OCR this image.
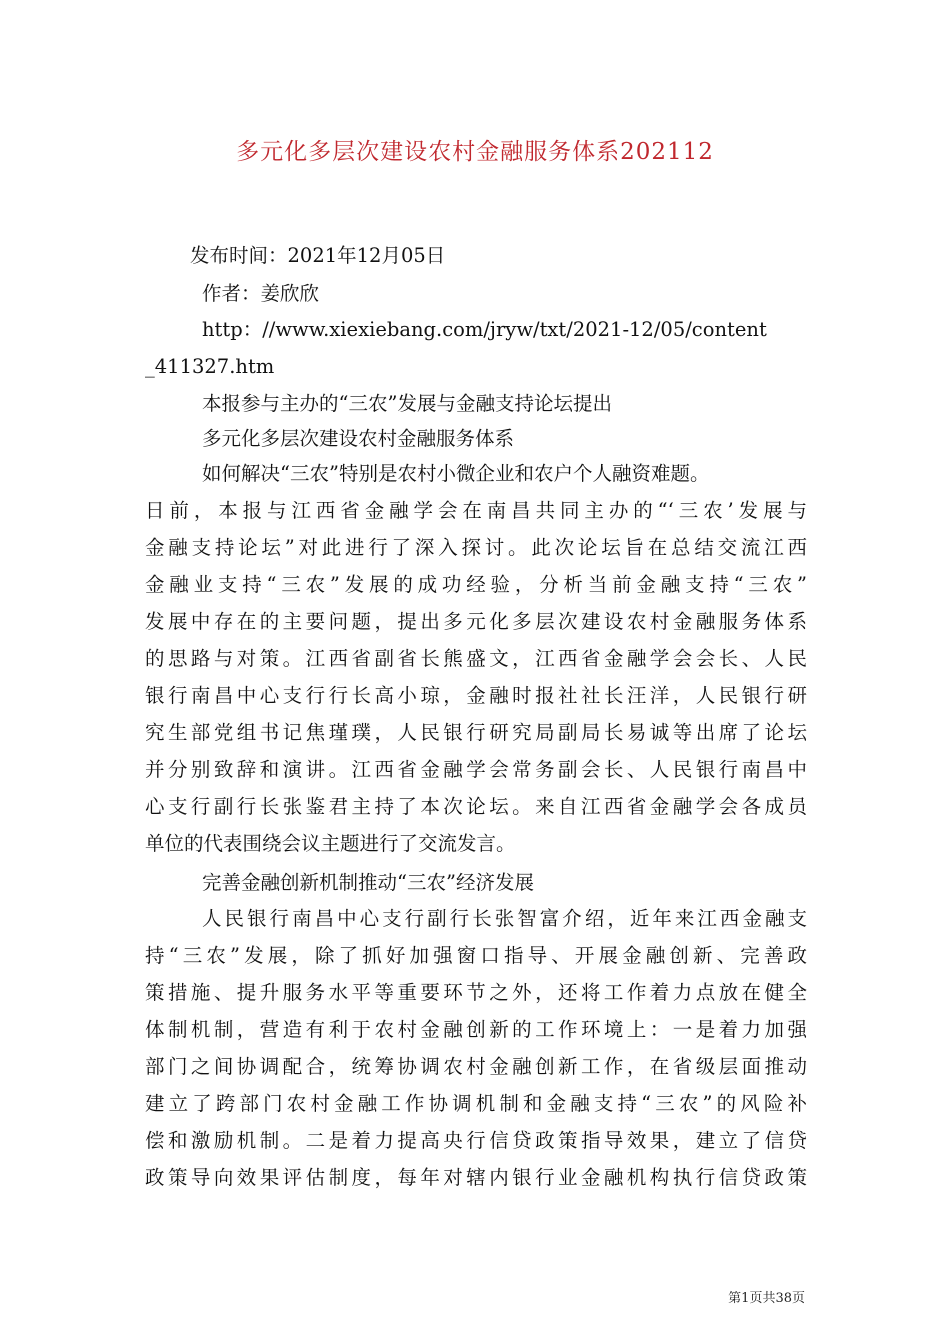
多元化多层次建设农村金融服务体系202112
发布时间：2021年12月05日
作者：姜欣欣
http：//www.xiexiebang.com/jryw/txt/2021-12/05/content
_411327.htm
本报参与主办的“三农”发展与金融支持论坛提出
多元化多层次建设农村金融服务体系
如何解决“三农”特别是农村小微企业和农户个人融资难题。
日前，本报与江西省金融学会在南昌共同主办的“‘三农’发展与
金融支持论坛”对此进行了深入探讨。此次论坛旨在总结交流江西
金融业支持“三农”发展的成功经验，分析当前金融支持“三农”
发展中存在的主要问题，提出多元化多层次建设农村金融服务体系
的思路与对策。江西省副省长熊盛文，江西省金融学会会长、人民
银行南昌中心支行行长高小琼，金融时报社社长汪洋，人民银行研
究生部党组书记焦瑾璞，人民银行研究局副局长易诚等出席了论坛
并分别致辞和演讲。江西省金融学会常务副会长、人民银行南昌中
心支行副行长张鉴君主持了本次论坛。来自江西省金融学会各成员
单位的代表围绕会议主题进行了交流发言。
完善金融创新机制推动“三农”经济发展
人民银行南昌中心支行副行长张智富介绍，近年来江西金融支
持“三农”发展，除了抓好加强窗口指导、开展金融创新、完善政
策措施、提升服务水平等重要环节之外，还将工作着力点放在健全
体制机制，营造有利于农村金融创新的工作环境上：一是着力加强
部门之间协调配合，统筹协调农村金融创新工作，在省级层面推动
建立了跨部门农村金融工作协调机制和金融支持“三农”的风险补
偿和激励机制。二是着力提高央行信贷政策指导效果，建立了信贷
政策导向效果评估制度，每年对辖内银行业金融机构执行信贷政策
第1页共38页
